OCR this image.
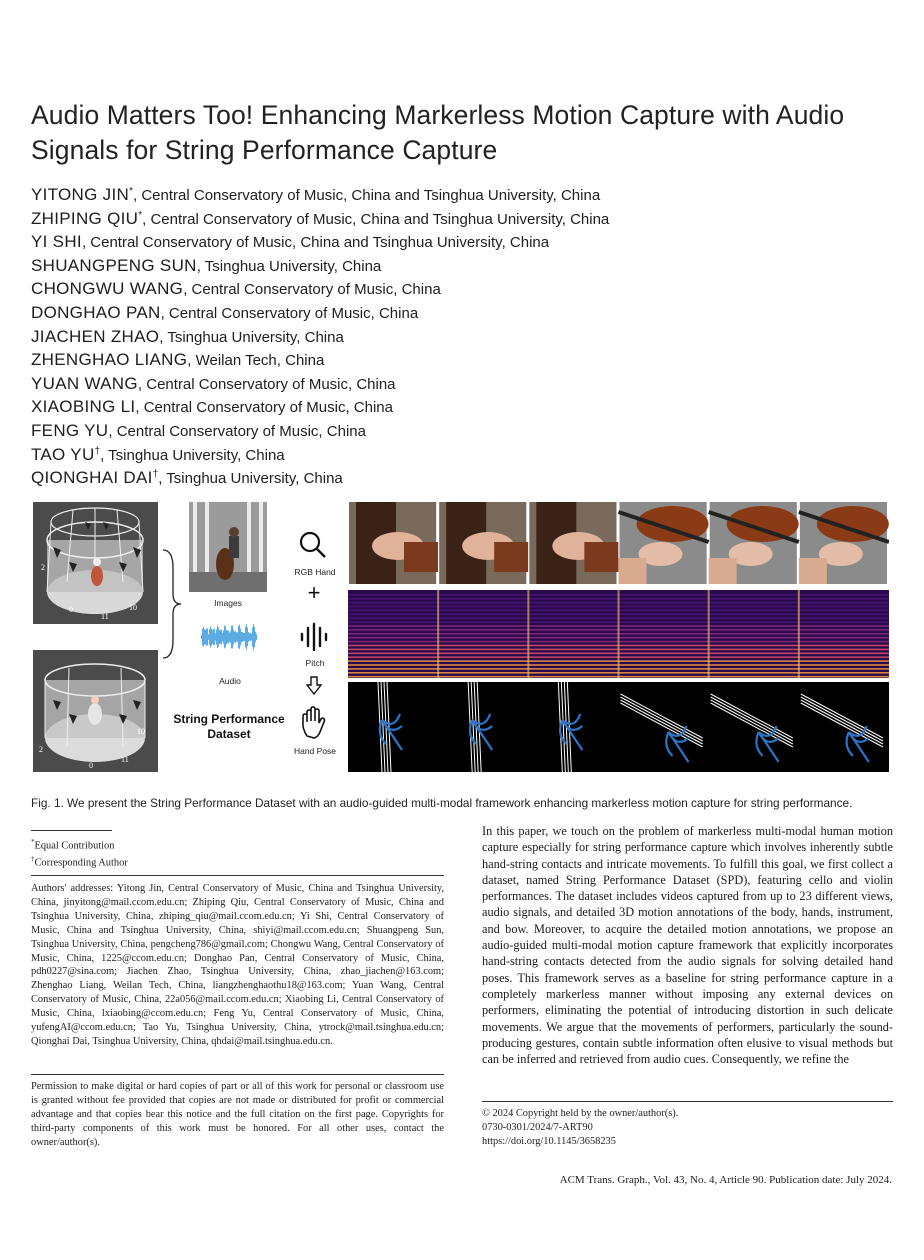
Audio Matters Too! Enhancing Markerless Motion Capture with Audio Signals for String Performance Capture
YITONG JIN*, Central Conservatory of Music, China and Tsinghua University, China
ZHIPING QIU*, Central Conservatory of Music, China and Tsinghua University, China
YI SHI, Central Conservatory of Music, China and Tsinghua University, China
SHUANGPENG SUN, Tsinghua University, China
CHONGWU WANG, Central Conservatory of Music, China
DONGHAO PAN, Central Conservatory of Music, China
JIACHEN ZHAO, Tsinghua University, China
ZHENGHAO LIANG, Weilan Tech, China
YUAN WANG, Central Conservatory of Music, China
XIAOBING LI, Central Conservatory of Music, China
FENG YU, Central Conservatory of Music, China
TAO YU†, Tsinghua University, China
QIONGHAI DAI†, Tsinghua University, China
2
10
0
11
2
10
0
11
Images
Audio
String Performance
Dataset
RGB Hand
+
Pitch
Hand Pose
Fig. 1. We present the String Performance Dataset with an audio-guided multi-modal framework enhancing markerless motion capture for string performance.
*Equal Contribution
†Corresponding Author
Authors' addresses: Yitong Jin, Central Conservatory of Music, China and Tsinghua University, China, jinyitong@mail.ccom.edu.cn; Zhiping Qiu, Central Conservatory of Music, China and Tsinghua University, China, zhiping_qiu@mail.ccom.edu.cn; Yi Shi, Central Conservatory of Music, China and Tsinghua University, China, shiyi@mail.ccom.edu.cn; Shuangpeng Sun, Tsinghua University, China, pengcheng786@gmail.com; Chongwu Wang, Central Conservatory of Music, China, 1225@ccom.edu.cn; Donghao Pan, Central Conservatory of Music, China, pdh0227@sina.com; Jiachen Zhao, Tsinghua University, China, zhao_jiachen@163.com; Zhenghao Liang, Weilan Tech, China, liangzhenghaothu18@163.com; Yuan Wang, Central Conservatory of Music, China, 22a056@mail.ccom.edu.cn; Xiaobing Li, Central Conservatory of Music, China, lxiaobing@ccom.edu.cn; Feng Yu, Central Conservatory of Music, China, yufengAI@ccom.edu.cn; Tao Yu, Tsinghua University, China, ytrock@mail.tsinghua.edu.cn; Qionghai Dai, Tsinghua University, China, qhdai@mail.tsinghua.edu.cn.
Permission to make digital or hard copies of part or all of this work for personal or classroom use is granted without fee provided that copies are not made or distributed for profit or commercial advantage and that copies bear this notice and the full citation on the first page. Copyrights for third-party components of this work must be honored. For all other uses, contact the owner/author(s).
In this paper, we touch on the problem of markerless multi-modal human motion capture especially for string performance capture which involves inherently subtle hand-string contacts and intricate movements. To fulfill this goal, we first collect a dataset, named String Performance Dataset (SPD), featuring cello and violin performances. The dataset includes videos captured from up to 23 different views, audio signals, and detailed 3D motion annotations of the body, hands, instrument, and bow. Moreover, to acquire the detailed motion annotations, we propose an audio-guided multi-modal motion capture framework that explicitly incorporates hand-string contacts detected from the audio signals for solving detailed hand poses. This framework serves as a baseline for string performance capture in a completely markerless manner without imposing any external devices on performers, eliminating the potential of introducing distortion in such delicate movements. We argue that the movements of performers, particularly the sound-producing gestures, contain subtle information often elusive to visual methods but can be inferred and retrieved from audio cues. Consequently, we refine the
© 2024 Copyright held by the owner/author(s).
0730-0301/2024/7-ART90
https://doi.org/10.1145/3658235
ACM Trans. Graph., Vol. 43, No. 4, Article 90. Publication date: July 2024.
